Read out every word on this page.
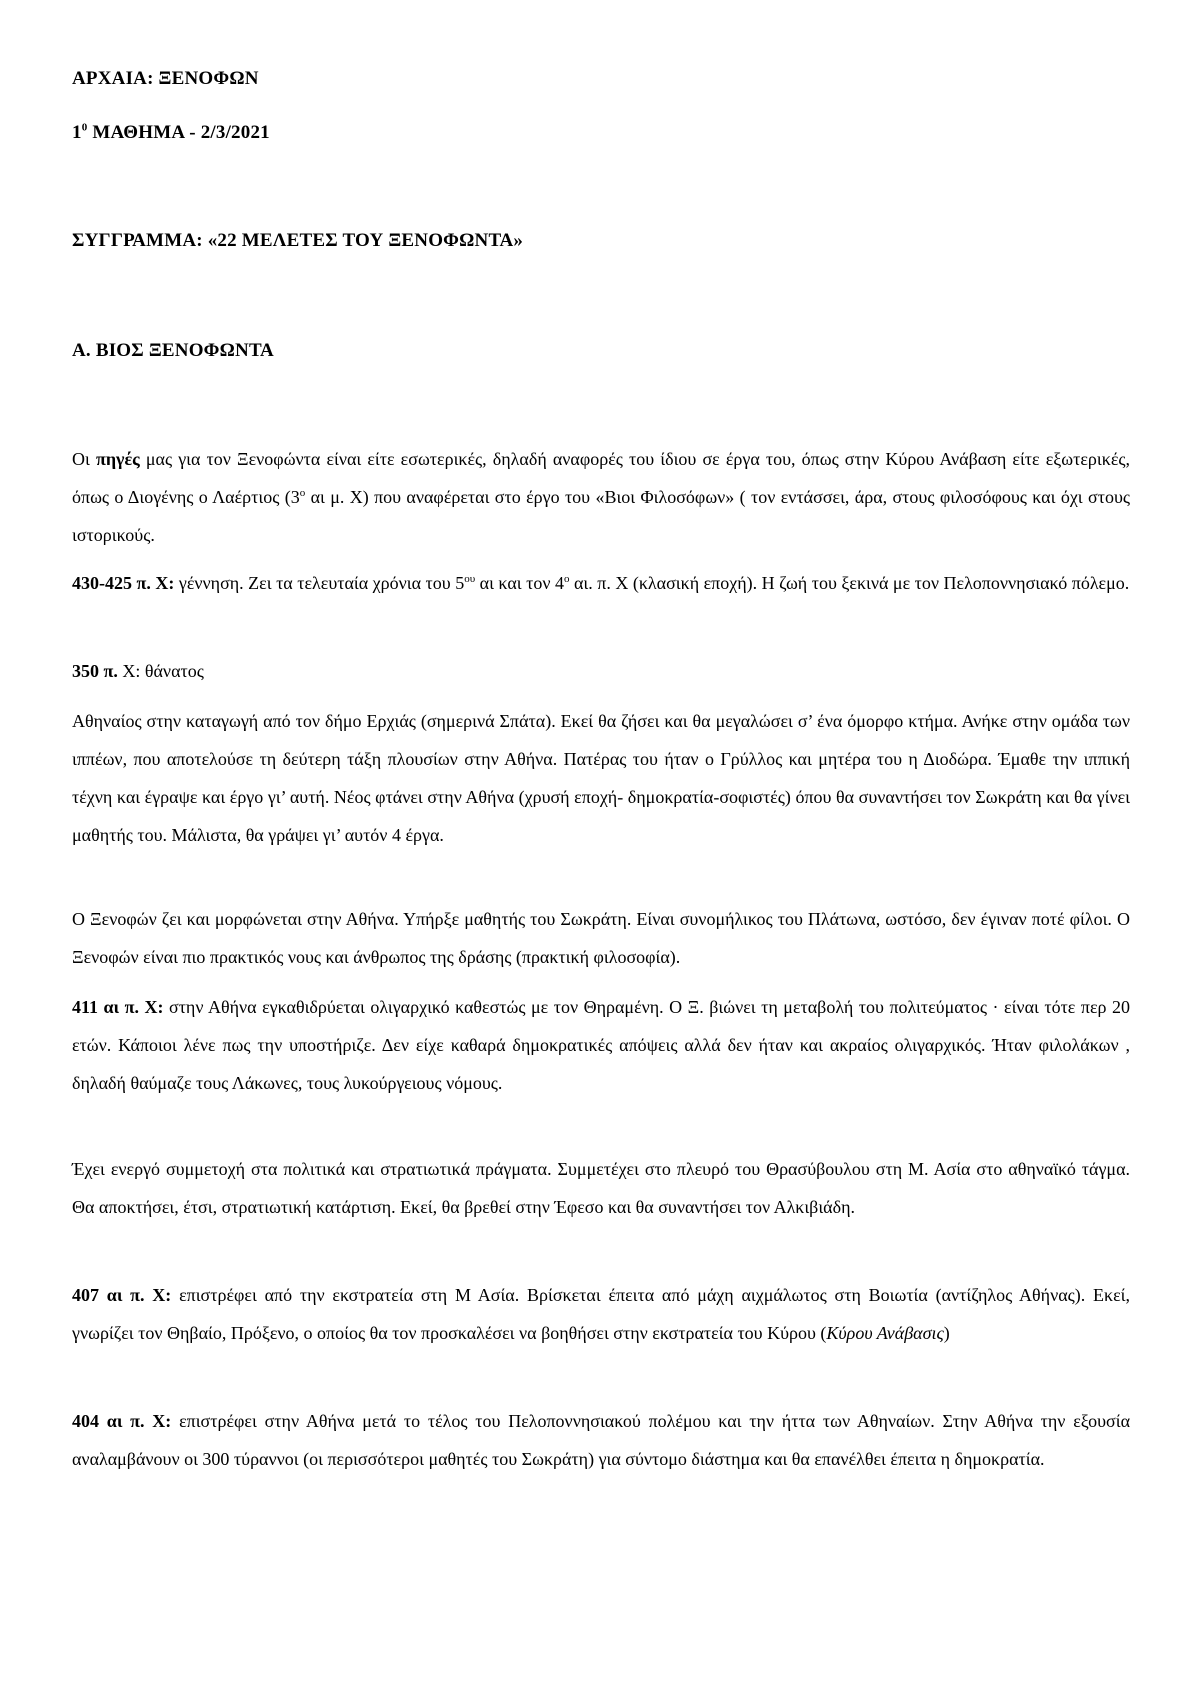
ΑΡΧΑΙΑ: ΞΕΝΟΦΩΝ
$1^0$ ΜΑΘΗΜΑ - 2/3/2021
ΣΥΓΓΡΑΜΜΑ: «22 ΜΕΛΕΤΕΣ ΤΟΥ ΞΕΝΟΦΩΝΤΑ»
Α. ΒΙΟΣ ΞΕΝΟΦΩΝΤΑ
Οι πηγές μας για τον Ξενοφώντα είναι είτε εσωτερικές, δηλαδή αναφορές του ίδιου σε έργα του, όπως στην Κύρου Ανάβαση είτε εξωτερικές, όπως ο Διογένης ο Λαέρτιος ($3^o$ αι μ. Χ) που αναφέρεται στο έργο του «Βιοι Φιλοσόφων» ( τον εντάσσει, άρα, στους φιλοσόφους και όχι στους ιστορικούς.
430-425 π. Χ: γέννηση. Ζει τα τελευταία χρόνια του $5^{o\upsilon}$ αι και τον $4^o$ αι. π. Χ (κλασική εποχή). Η ζωή του ξεκινά με τον Πελοποννησιακό πόλεμο.
350 π. Χ: θάνατος
Αθηναίος στην καταγωγή από τον δήμο Ερχιάς (σημερινά Σπάτα). Εκεί θα ζήσει και θα μεγαλώσει σ’ ένα όμορφο κτήμα. Ανήκε στην ομάδα των ιππέων, που αποτελούσε τη δεύτερη τάξη πλουσίων στην Αθήνα. Πατέρας του ήταν ο Γρύλλος και μητέρα του η Διοδώρα. Έμαθε την ιππική τέχνη και έγραψε και έργο γι’ αυτή. Νέος φτάνει στην Αθήνα (χρυσή εποχή- δημοκρατία-σοφιστές) όπου θα συναντήσει τον Σωκράτη και θα γίνει μαθητής του. Μάλιστα, θα γράψει γι’ αυτόν 4 έργα.
Ο Ξενοφών ζει και μορφώνεται στην Αθήνα. Υπήρξε μαθητής του Σωκράτη. Είναι συνομήλικος του Πλάτωνα, ωστόσο, δεν έγιναν ποτέ φίλοι. Ο Ξενοφών είναι πιο πρακτικός νους και άνθρωπος της δράσης (πρακτική φιλοσοφία).
411 αι π. Χ: στην Αθήνα εγκαθιδρύεται ολιγαρχικό καθεστώς με τον Θηραμένη. Ο Ξ. βιώνει τη μεταβολή του πολιτεύματος · είναι τότε περ 20 ετών. Κάποιοι λένε πως την υποστήριζε. Δεν είχε καθαρά δημοκρατικές απόψεις αλλά δεν ήταν και ακραίος ολιγαρχικός. Ήταν φιλολάκων , δηλαδή θαύμαζε τους Λάκωνες, τους λυκούργειους νόμους.
Έχει ενεργό συμμετοχή στα πολιτικά και στρατιωτικά πράγματα. Συμμετέχει στο πλευρό του Θρασύβουλου στη Μ. Ασία στο αθηναϊκό τάγμα. Θα αποκτήσει, έτσι, στρατιωτική κατάρτιση. Εκεί, θα βρεθεί στην Έφεσο και θα συναντήσει τον Αλκιβιάδη.
407 αι π. Χ: επιστρέφει από την εκστρατεία στη Μ Ασία. Βρίσκεται έπειτα από μάχη αιχμάλωτος στη Βοιωτία (αντίζηλος Αθήνας). Εκεί, γνωρίζει τον Θηβαίο, Πρόξενο, ο οποίος θα τον προσκαλέσει να βοηθήσει στην εκστρατεία του Κύρου (Κύρου Ανάβασις)
404 αι π. Χ: επιστρέφει στην Αθήνα μετά το τέλος του Πελοποννησιακού πολέμου και την ήττα των Αθηναίων. Στην Αθήνα την εξουσία αναλαμβάνουν οι 300 τύραννοι (οι περισσότεροι μαθητές του Σωκράτη) για σύντομο διάστημα και θα επανέλθει έπειτα η δημοκρατία.
